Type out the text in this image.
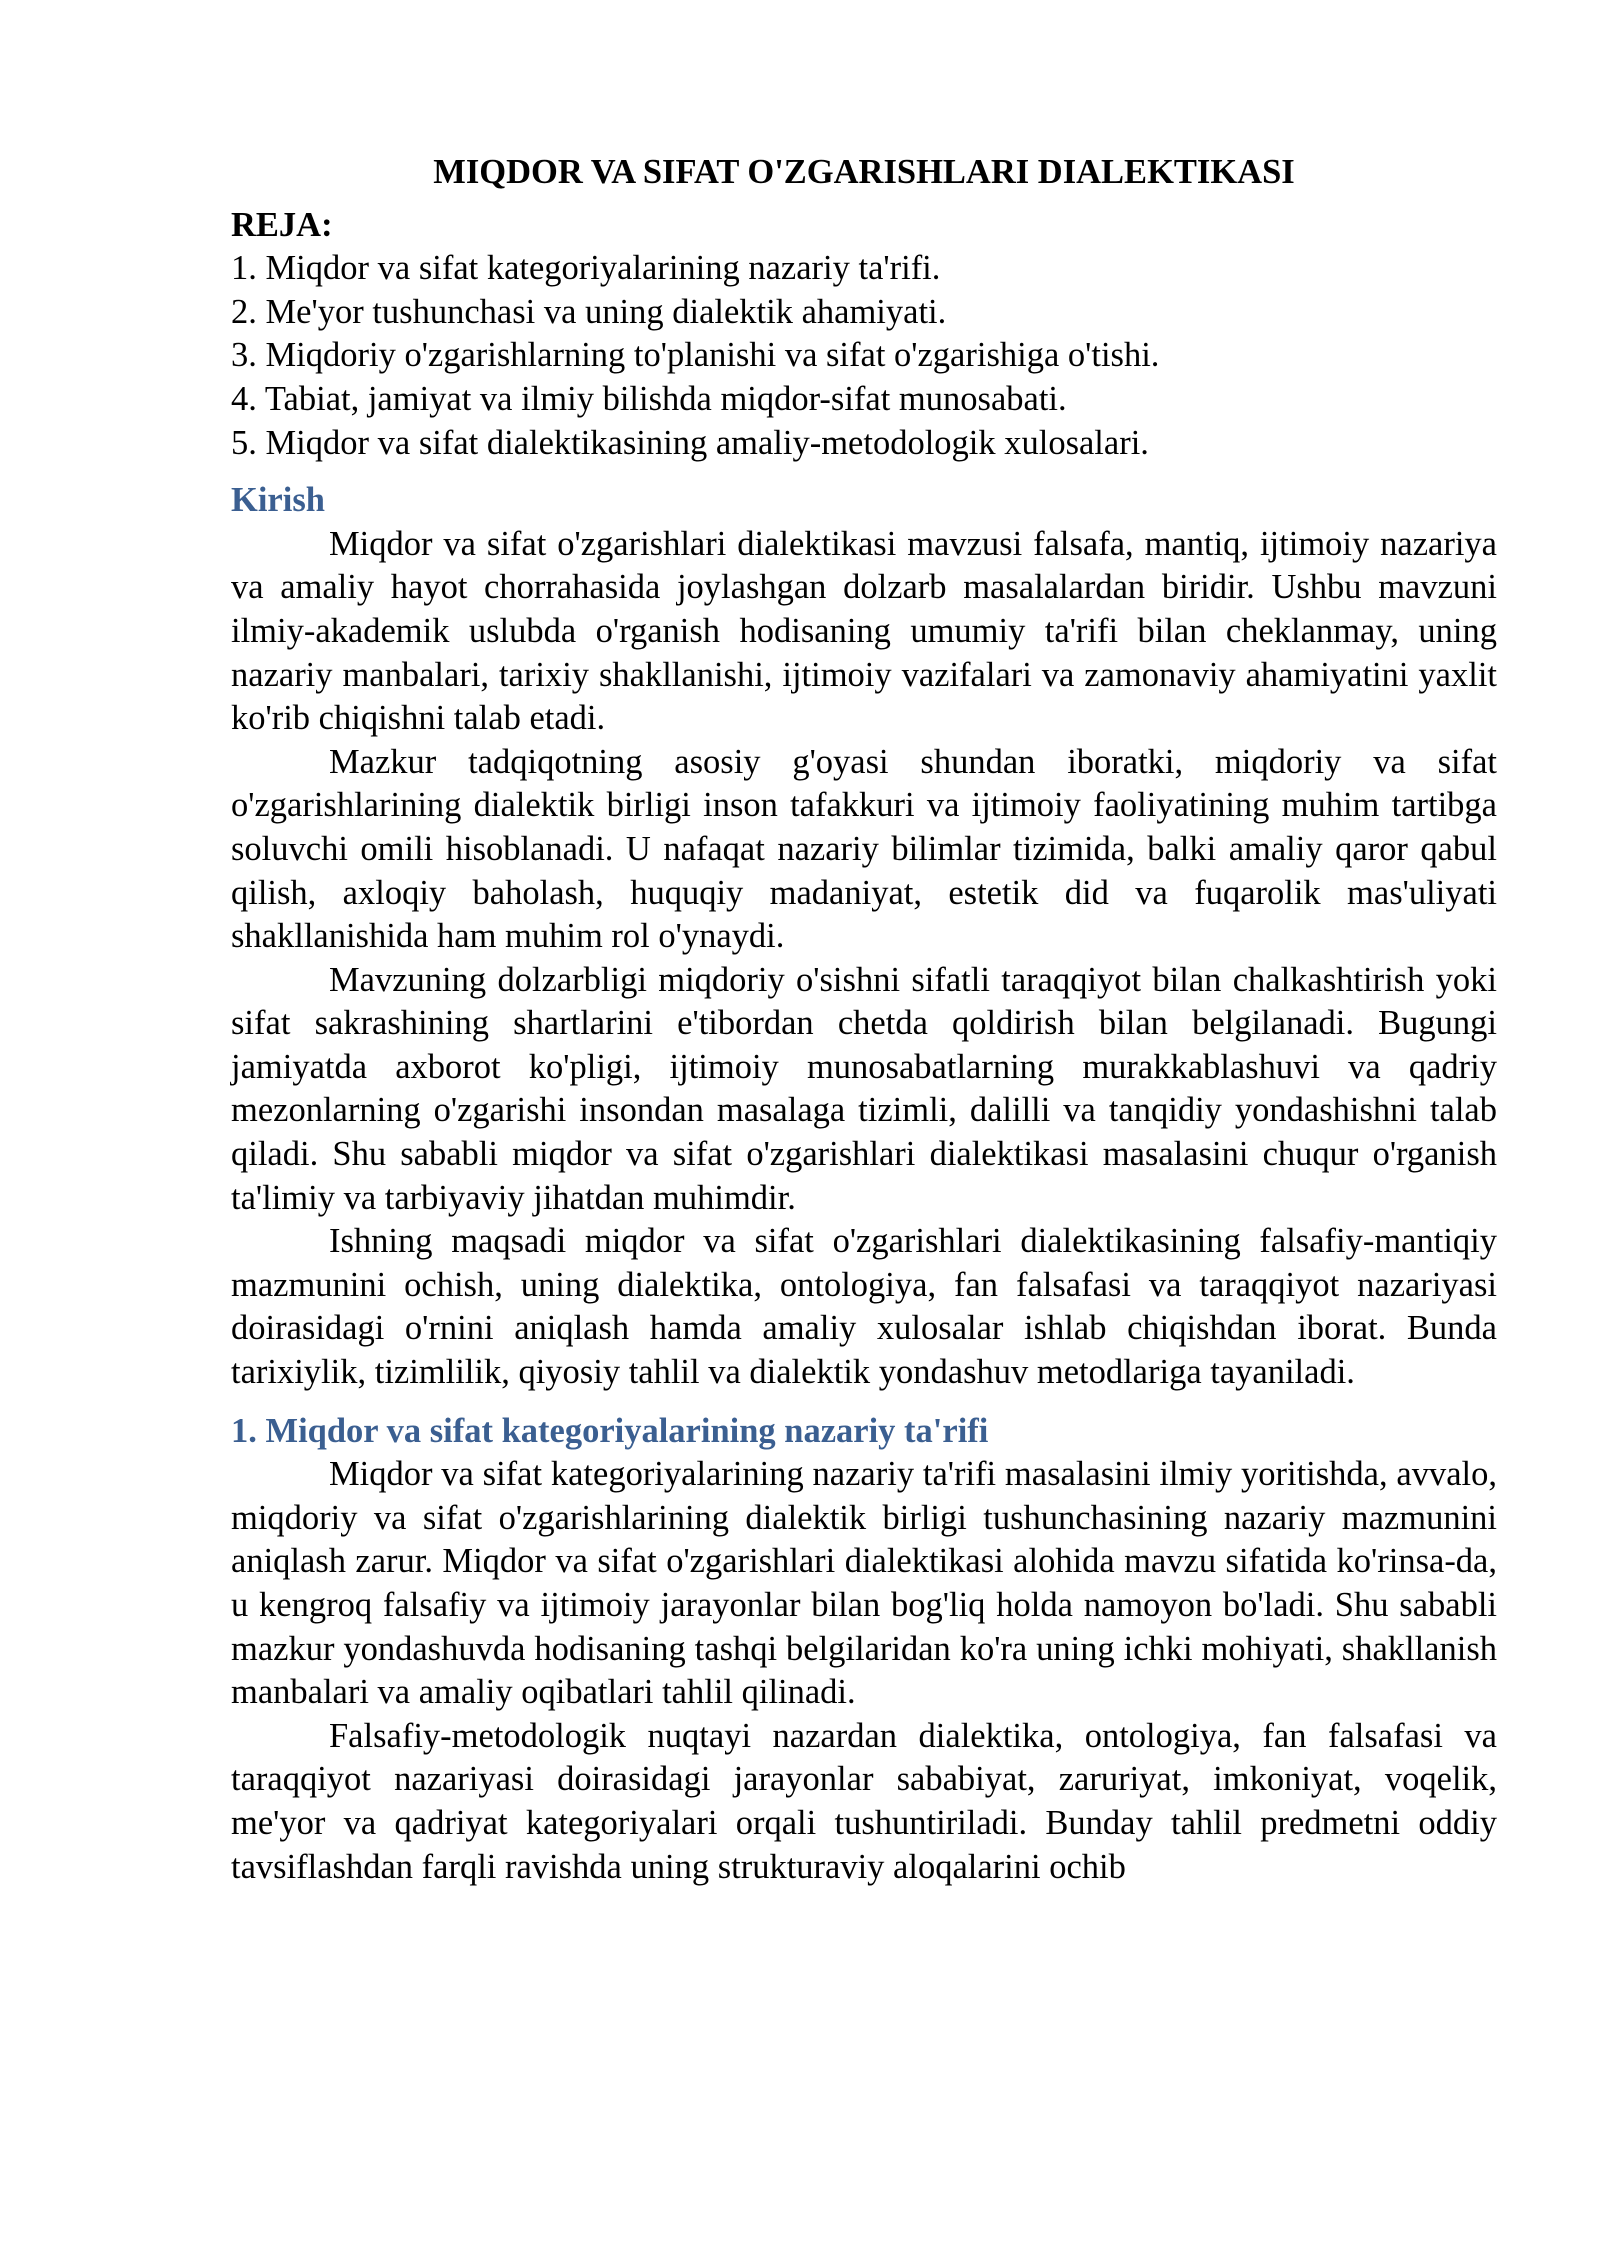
MIQDOR VA SIFAT O'ZGARISHLARI DIALEKTIKASI
REJA:
1. Miqdor va sifat kategoriyalarining nazariy ta'rifi.
2. Me'yor tushunchasi va uning dialektik ahamiyati.
3. Miqdoriy o'zgarishlarning to'planishi va sifat o'zgarishiga o'tishi.
4. Tabiat, jamiyat va ilmiy bilishda miqdor-sifat munosabati.
5. Miqdor va sifat dialektikasining amaliy-metodologik xulosalari.
Kirish

Miqdor va sifat o'zgarishlari dialektikasi mavzusi falsafa, mantiq, ijtimoiy nazariya va amaliy hayot chorrahasida joylashgan dolzarb masalalardan biridir. Ushbu mavzuni ilmiy-akademik uslubda o'rganish hodisaning umumiy ta'rifi bilan cheklanmay, uning nazariy manbalari, tarixiy shakllanishi, ijtimoiy vazifalari va zamonaviy ahamiyatini yaxlit ko'rib chiqishni talab etadi.

Mazkur tadqiqotning asosiy g'oyasi shundan iboratki, miqdoriy va sifat o'zgarishlarining dialektik birligi inson tafakkuri va ijtimoiy faoliyatining muhim tartibga soluvchi omili hisoblanadi. U nafaqat nazariy bilimlar tizimida, balki amaliy qaror qabul qilish, axloqiy baholash, huquqiy madaniyat, estetik did va fuqarolik mas'uliyati shakllanishida ham muhim rol o'ynaydi.

Mavzuning dolzarbligi miqdoriy o'sishni sifatli taraqqiyot bilan chalkashtirish yoki sifat sakrashining shartlarini e'tibordan chetda qoldirish bilan belgilanadi. Bugungi jamiyatda axborot ko'pligi, ijtimoiy munosabatlarning murakkablashuvi va qadriy mezonlarning o'zgarishi insondan masalaga tizimli, dalilli va tanqidiy yondashishni talab qiladi. Shu sababli miqdor va sifat o'zgarishlari dialektikasi masalasini chuqur o'rganish ta'limiy va tarbiyaviy jihatdan muhimdir.

Ishning maqsadi miqdor va sifat o'zgarishlari dialektikasining falsafiy-mantiqiy mazmunini ochish, uning dialektika, ontologiya, fan falsafasi va taraqqiyot nazariyasi doirasidagi o'rnini aniqlash hamda amaliy xulosalar ishlab chiqishdan iborat. Bunda tarixiylik, tizimlilik, qiyosiy tahlil va dialektik yondashuv metodlariga tayaniladi.

1. Miqdor va sifat kategoriyalarining nazariy ta'rifi

Miqdor va sifat kategoriyalarining nazariy ta'rifi masalasini ilmiy yoritishda, avvalo, miqdoriy va sifat o'zgarishlarining dialektik birligi tushunchasining nazariy mazmunini aniqlash zarur. Miqdor va sifat o'zgarishlari dialektikasi alohida mavzu sifatida ko'rinsa-da, u kengroq falsafiy va ijtimoiy jarayonlar bilan bog'liq holda namoyon bo'ladi. Shu sababli mazkur yondashuvda hodisaning tashqi belgilaridan ko'ra uning ichki mohiyati, shakllanish manbalari va amaliy oqibatlari tahlil qilinadi.

Falsafiy-metodologik nuqtayi nazardan dialektika, ontologiya, fan falsafasi va taraqqiyot nazariyasi doirasidagi jarayonlar sababiyat, zaruriyat, imkoniyat, voqelik, me'yor va qadriyat kategoriyalari orqali tushuntiriladi. Bunday tahlil predmetni oddiy tavsiflashdan farqli ravishda uning strukturaviy aloqalarini ochib
